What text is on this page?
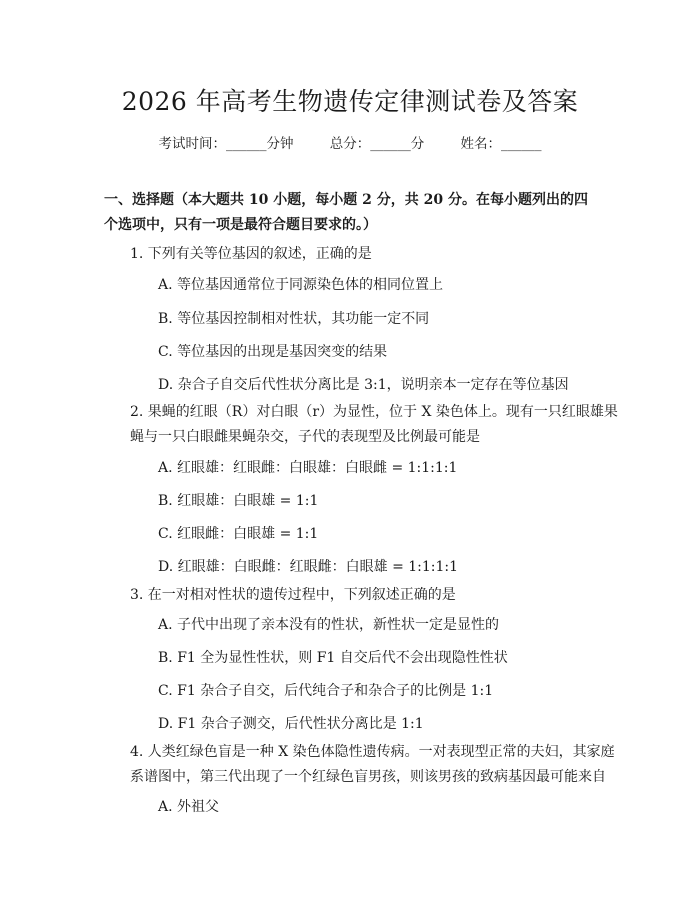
2026 年高考生物遗传定律测试卷及答案
考试时间：______分钟	总分：______分	姓名：______
一、选择题（本大题共 10 小题，每小题 2 分，共 20 分。在每小题列出的四个选项中，只有一项是最符合题目要求的。）
1. 下列有关等位基因的叙述，正确的是
A. 等位基因通常位于同源染色体的相同位置上
B. 等位基因控制相对性状，其功能一定不同
C. 等位基因的出现是基因突变的结果
D. 杂合子自交后代性状分离比是 3:1，说明亲本一定存在等位基因
2. 果蝇的红眼（R）对白眼（r）为显性，位于 X 染色体上。现有一只红眼雄果蝇与一只白眼雌果蝇杂交，子代的表现型及比例最可能是
A. 红眼雄：红眼雌：白眼雄：白眼雌 = 1:1:1:1
B. 红眼雄：白眼雄 = 1:1
C. 红眼雌：白眼雄 = 1:1
D. 红眼雄：白眼雌：红眼雌：白眼雄 = 1:1:1:1
3. 在一对相对性状的遗传过程中，下列叙述正确的是
A. 子代中出现了亲本没有的性状，新性状一定是显性的
B. F1 全为显性性状，则 F1 自交后代不会出现隐性性状
C. F1 杂合子自交，后代纯合子和杂合子的比例是 1:1
D. F1 杂合子测交，后代性状分离比是 1:1
4. 人类红绿色盲是一种 X 染色体隐性遗传病。一对表现型正常的夫妇，其家庭系谱图中，第三代出现了一个红绿色盲男孩，则该男孩的致病基因最可能来自
A. 外祖父
